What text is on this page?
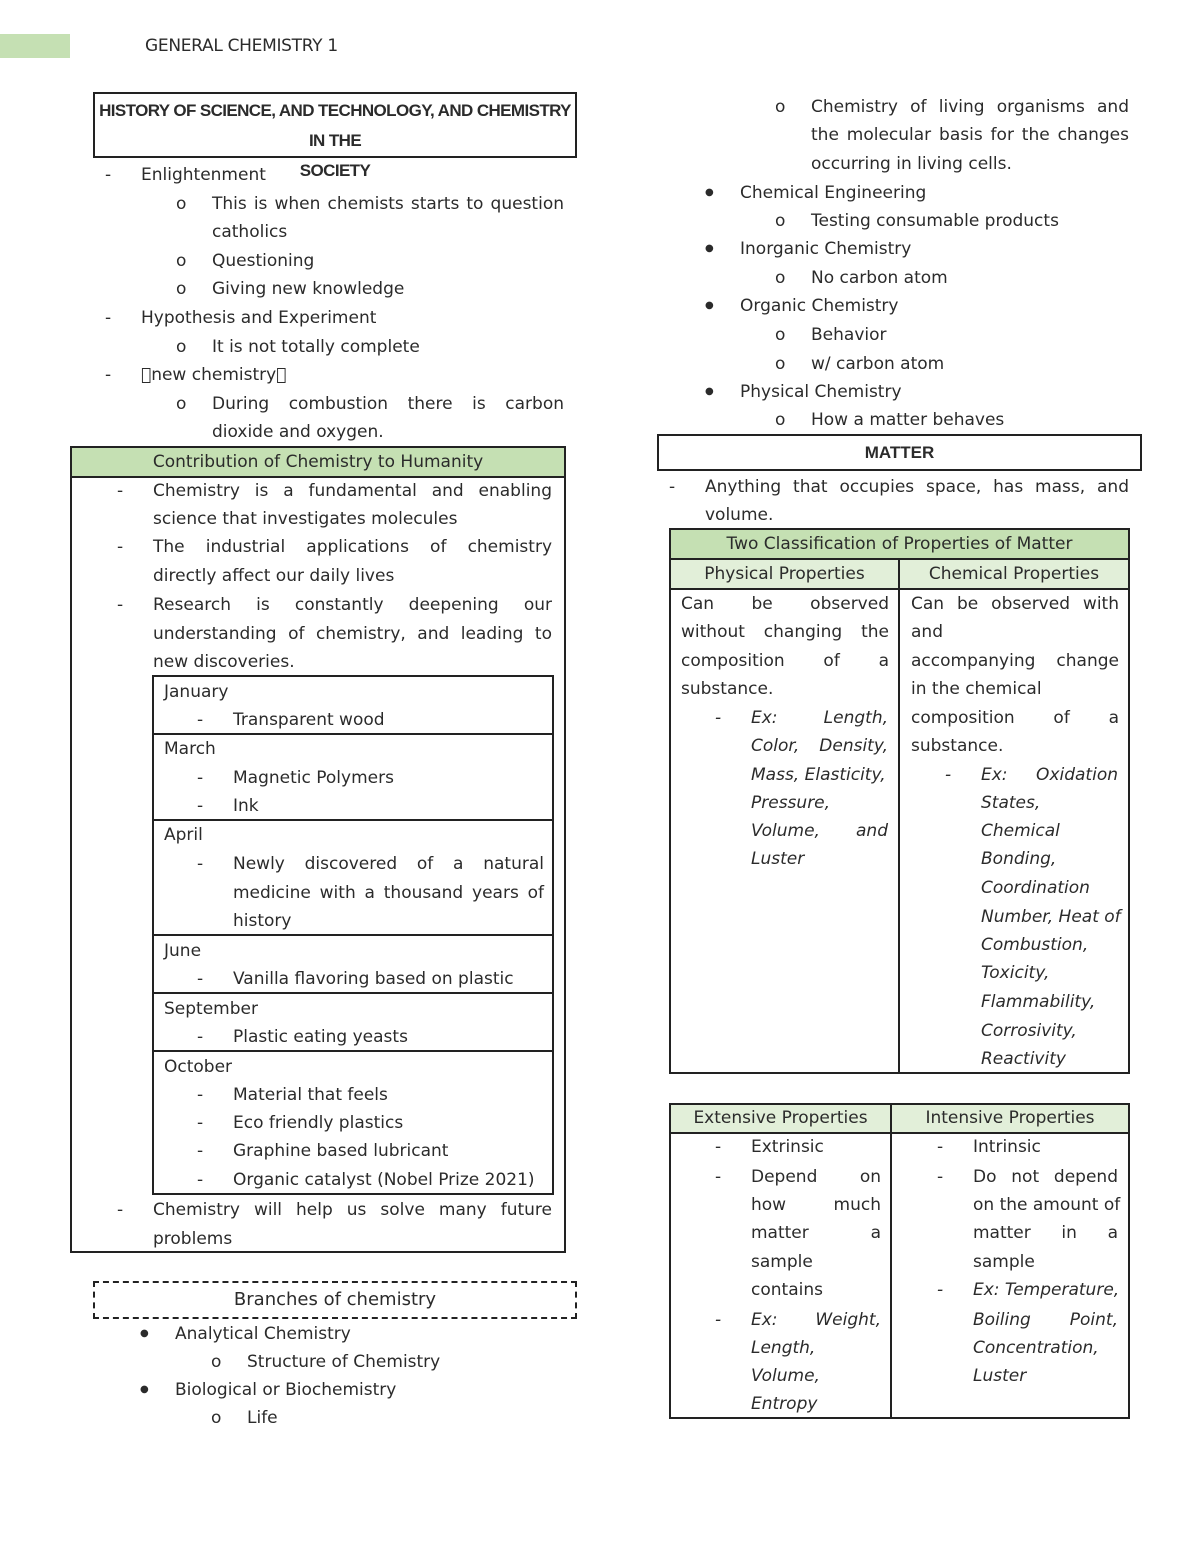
GENERAL CHEMISTRY 1
HISTORY OF SCIENCE, AND TECHNOLOGY, AND CHEMISTRY IN THE
SOCIETY
- Enlightenment
o This is when chemists starts to question
catholics
o Questioning
o Giving new knowledge
- Hypothesis and Experiment
o It is not totally complete
-  new chemistry 
o During combustion there is carbon
dioxide and oxygen.
Contribution of Chemistry to Humanity
- Chemistry is a fundamental and enabling
science that investigates molecules
- The industrial applications of chemistry
directly affect our daily lives
- Research is constantly deepening our
understanding of chemistry, and leading to
new discoveries.
January
- Transparent wood
March
- Magnetic Polymers
- Ink
April
- Newly discovered of a natural
medicine with a thousand years of
history
June
- Vanilla flavoring based on plastic
September
- Plastic eating yeasts
October
- Material that feels
- Eco friendly plastics
- Graphine based lubricant
- Organic catalyst (Nobel Prize 2021)
- Chemistry will help us solve many future
problems
Branches of chemistry
● Analytical Chemistry
o Structure of Chemistry
● Biological or Biochemistry
o Life
o Chemistry of living organisms and
the molecular basis for the changes
occurring in living cells.
● Chemical Engineering
o Testing consumable products
● Inorganic Chemistry
o No carbon atom
● Organic Chemistry
o Behavior
o w/ carbon atom
● Physical Chemistry
o How a matter behaves
MATTER
- Anything that occupies space, has mass, and
volume.
Two Classification of Properties of Matter
Physical Properties	Chemical Properties
Can be observed
without changing the
composition of a
substance.
- Ex: Length,
Color, Density,
Mass, Elasticity,
Pressure,
Volume, and
Luster
Can be observed with
and
accompanying change
in the chemical
composition of a
substance.
- Ex: Oxidation
States,
Chemical
Bonding,
Coordination
Number, Heat of
Combustion,
Toxicity,
Flammability,
Corrosivity,
Reactivity
Extensive Properties	Intensive Properties
- Extrinsic
- Depend on
how much
matter a
sample
contains
- Ex: Weight,
Length,
Volume,
Entropy
- Intrinsic
- Do not depend
on the amount of
matter in a
sample
- Ex: Temperature,
Boiling Point,
Concentration,
Luster
